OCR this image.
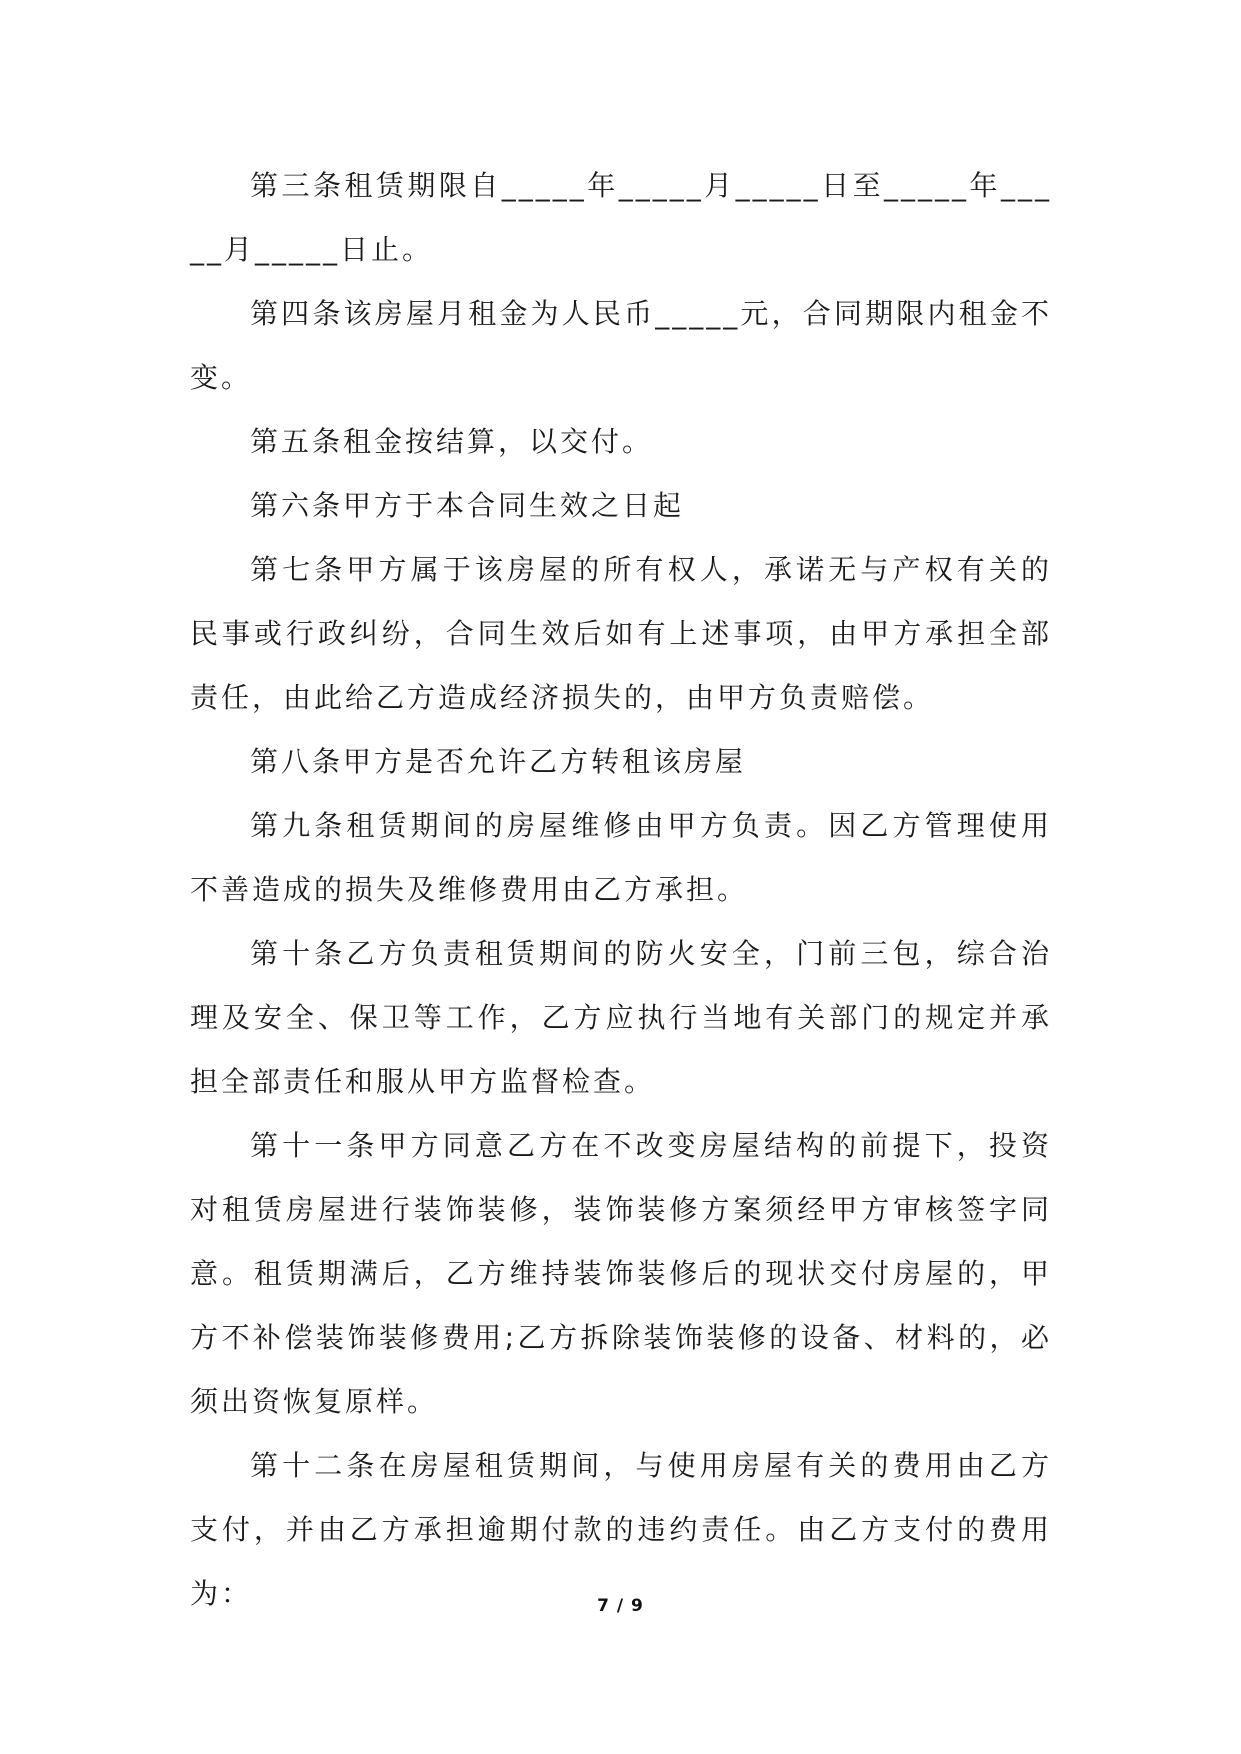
第三条租赁期限自_____年_____月_____日至_____年_____月_____日止。

第四条该房屋月租金为人民币_____元，合同期限内租金不变。

第五条租金按结算，以交付。

第六条甲方于本合同生效之日起

第七条甲方属于该房屋的所有权人，承诺无与产权有关的民事或行政纠纷，合同生效后如有上述事项，由甲方承担全部责任，由此给乙方造成经济损失的，由甲方负责赔偿。

第八条甲方是否允许乙方转租该房屋

第九条租赁期间的房屋维修由甲方负责。因乙方管理使用不善造成的损失及维修费用由乙方承担。

第十条乙方负责租赁期间的防火安全，门前三包，综合治理及安全、保卫等工作，乙方应执行当地有关部门的规定并承担全部责任和服从甲方监督检查。

第十一条甲方同意乙方在不改变房屋结构的前提下，投资对租赁房屋进行装饰装修，装饰装修方案须经甲方审核签字同意。租赁期满后，乙方维持装饰装修后的现状交付房屋的，甲方不补偿装饰装修费用;乙方拆除装饰装修的设备、材料的，必须出资恢复原样。

第十二条在房屋租赁期间，与使用房屋有关的费用由乙方支付，并由乙方承担逾期付款的违约责任。由乙方支付的费用为：	7 / 9
